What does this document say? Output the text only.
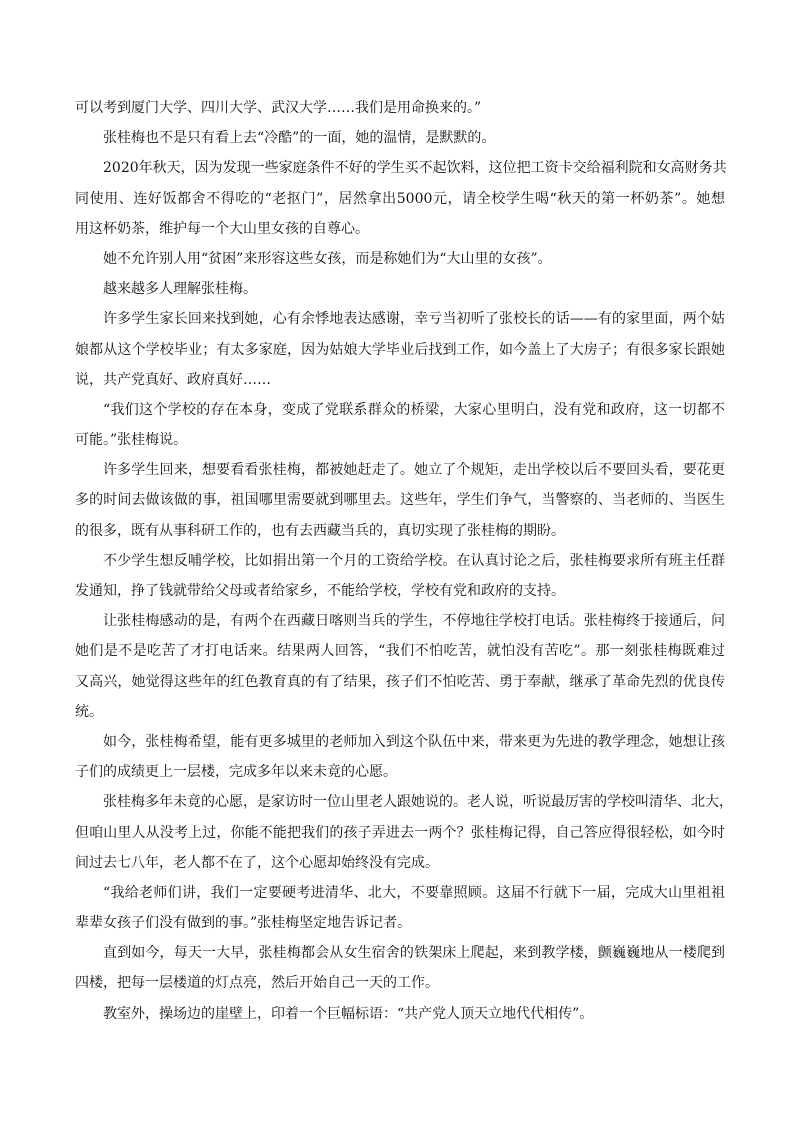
可以考到厦门大学、四川大学、武汉大学……我们是用命换来的。”
张桂梅也不是只有看上去“冷酷”的一面，她的温情，是默默的。
2020年秋天，因为发现一些家庭条件不好的学生买不起饮料，这位把工资卡交给福利院和女高财务共
同使用、连好饭都舍不得吃的“老抠门”，居然拿出5000元，请全校学生喝“秋天的第一杯奶茶”。她想
用这杯奶茶，维护每一个大山里女孩的自尊心。
她不允许别人用“贫困”来形容这些女孩，而是称她们为“大山里的女孩”。
越来越多人理解张桂梅。
许多学生家长回来找到她，心有余悸地表达感谢，幸亏当初听了张校长的话——有的家里面，两个姑
娘都从这个学校毕业；有太多家庭，因为姑娘大学毕业后找到工作，如今盖上了大房子；有很多家长跟她
说，共产党真好、政府真好……
“我们这个学校的存在本身，变成了党联系群众的桥梁，大家心里明白，没有党和政府，这一切都不
可能。”张桂梅说。
许多学生回来，想要看看张桂梅，都被她赶走了。她立了个规矩，走出学校以后不要回头看，要花更
多的时间去做该做的事，祖国哪里需要就到哪里去。这些年，学生们争气，当警察的、当老师的、当医生
的很多，既有从事科研工作的，也有去西藏当兵的，真切实现了张桂梅的期盼。
不少学生想反哺学校，比如捐出第一个月的工资给学校。在认真讨论之后，张桂梅要求所有班主任群
发通知，挣了钱就带给父母或者给家乡，不能给学校，学校有党和政府的支持。
让张桂梅感动的是，有两个在西藏日喀则当兵的学生，不停地往学校打电话。张桂梅终于接通后，问
她们是不是吃苦了才打电话来。结果两人回答，“我们不怕吃苦，就怕没有苦吃”。那一刻张桂梅既难过
又高兴，她觉得这些年的红色教育真的有了结果，孩子们不怕吃苦、勇于奉献，继承了革命先烈的优良传
统。
如今，张桂梅希望，能有更多城里的老师加入到这个队伍中来，带来更为先进的教学理念，她想让孩
子们的成绩更上一层楼，完成多年以来未竟的心愿。
张桂梅多年未竟的心愿，是家访时一位山里老人跟她说的。老人说，听说最厉害的学校叫清华、北大，
但咱山里人从没考上过，你能不能把我们的孩子弄进去一两个？张桂梅记得，自己答应得很轻松，如今时
间过去七八年，老人都不在了，这个心愿却始终没有完成。
“我给老师们讲，我们一定要硬考进清华、北大，不要靠照顾。这届不行就下一届，完成大山里祖祖
辈辈女孩子们没有做到的事。”张桂梅坚定地告诉记者。
直到如今，每天一大早，张桂梅都会从女生宿舍的铁架床上爬起，来到教学楼，颤巍巍地从一楼爬到
四楼，把每一层楼道的灯点亮，然后开始自己一天的工作。
教室外，操场边的崖壁上，印着一个巨幅标语：“共产党人顶天立地代代相传”。
